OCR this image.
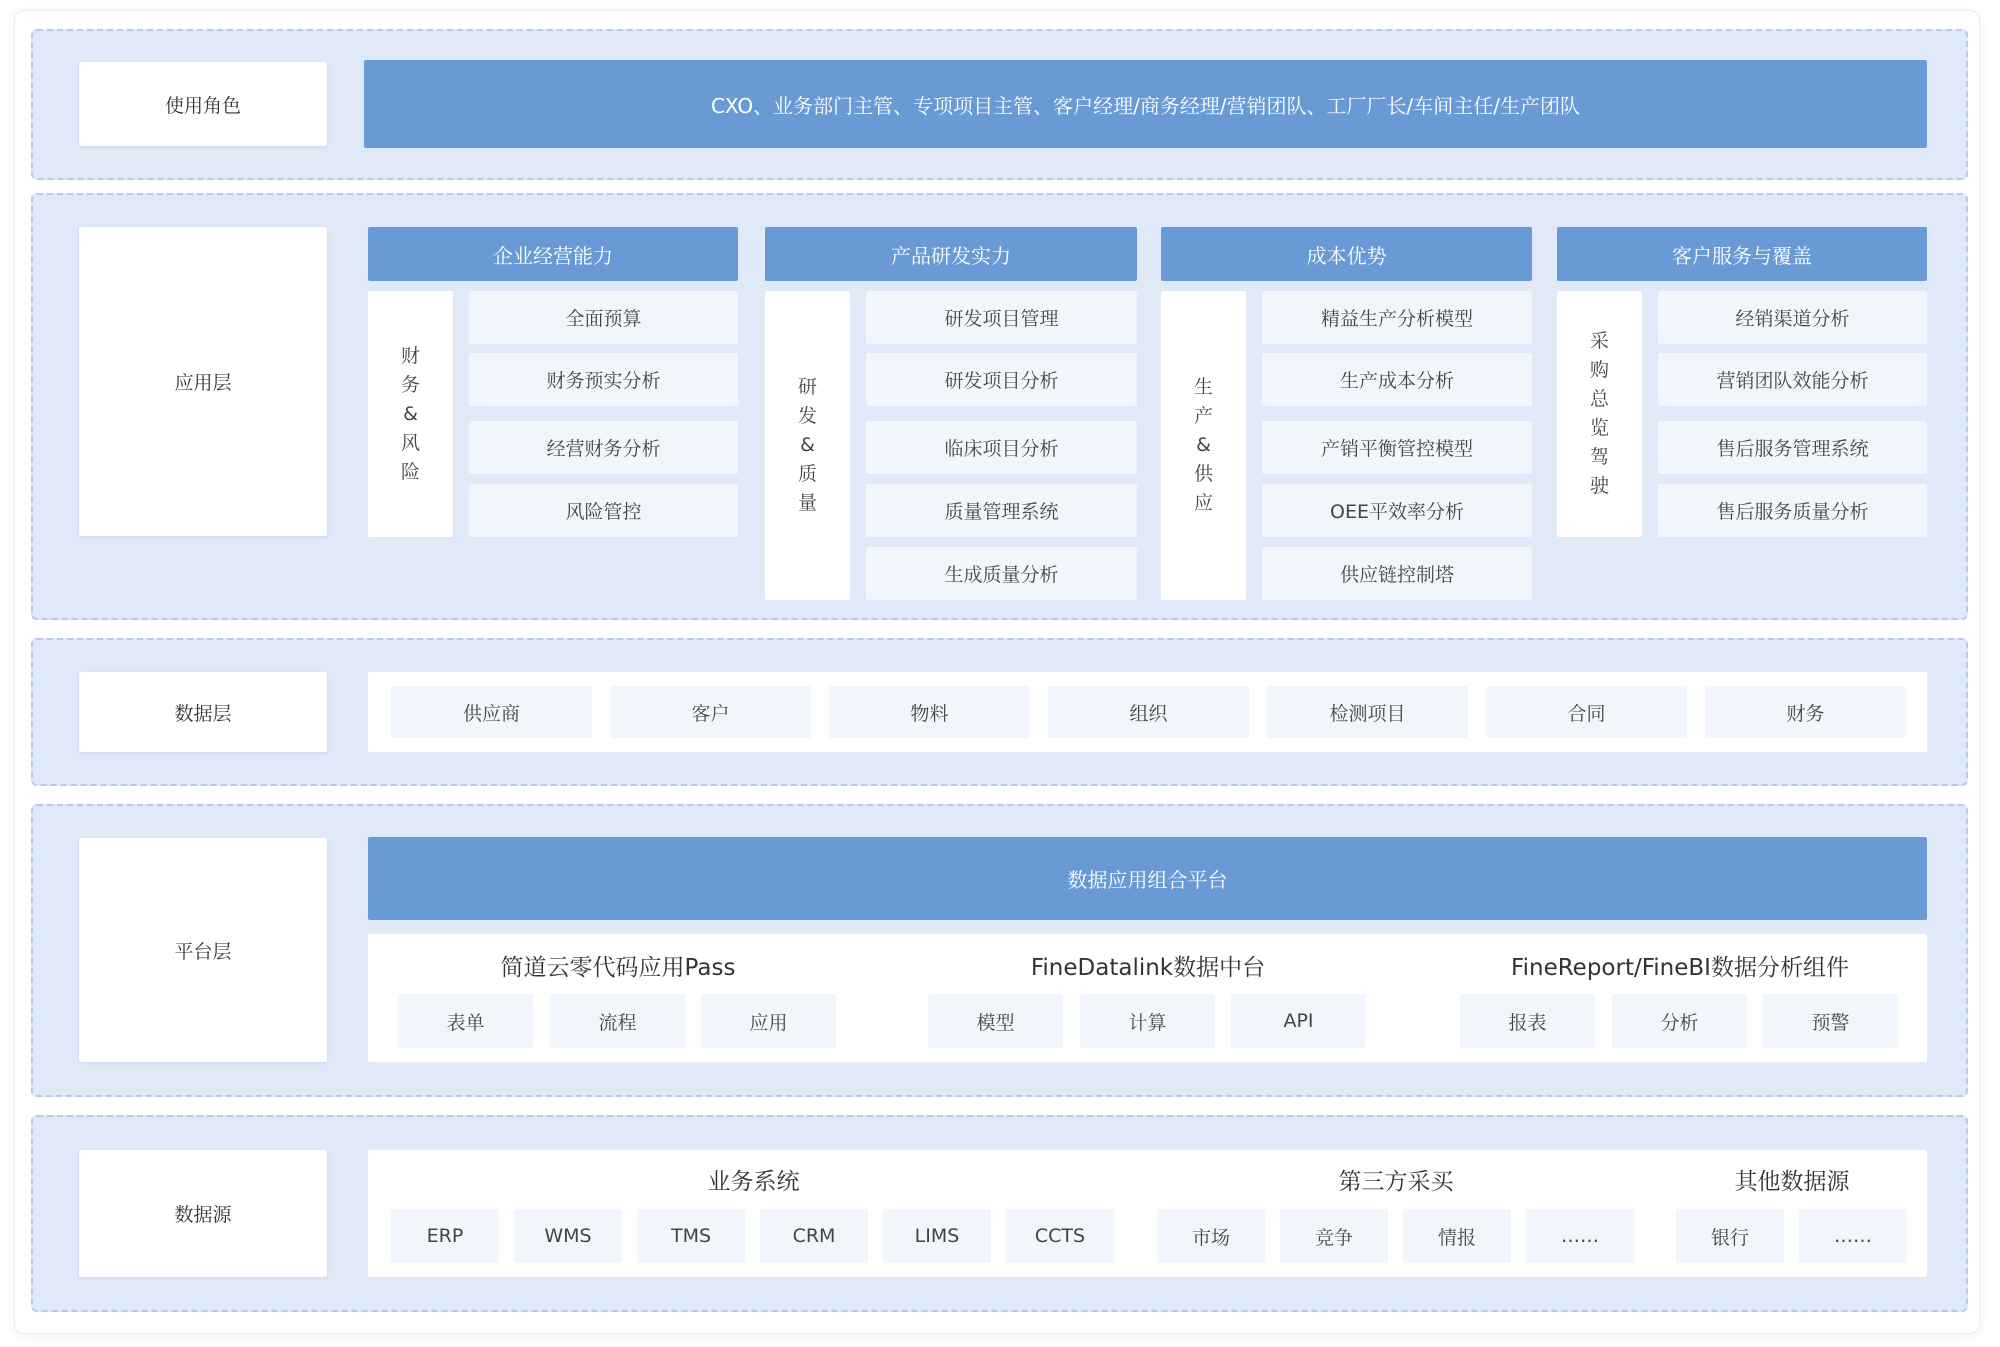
使用角色	CXO、业务部门主管、专项项目主管、客户经理/商务经理/营销团队、工厂厂长/车间主任/生产团队
应用层
企业经营能力
财
务
&
风
险
全面预算
财务预实分析
经营财务分析
风险管控
产品研发实力
研
发
&
质
量
研发项目管理
研发项目分析
临床项目分析
质量管理系统
生成质量分析
成本优势
生
产
&
供
应
精益生产分析模型
生产成本分析
产销平衡管控模型
OEE平效率分析
供应链控制塔
客户服务与覆盖
采
购
总
览
驾
驶
经销渠道分析
营销团队效能分析
售后服务管理系统
售后服务质量分析
数据层	供应商	客户	物料	组织	检测项目	合同	财务
平台层
数据应用组合平台
简道云零代码应用Pass
表单	流程	应用
FineDatalink数据中台
模型	计算	API
FineReport/FineBI数据分析组件
报表	分析	预警
数据源
业务系统
ERP	WMS	TMS	CRM	LIMS	CCTS
第三方采买
市场	竞争	情报	……
其他数据源
银行	……
